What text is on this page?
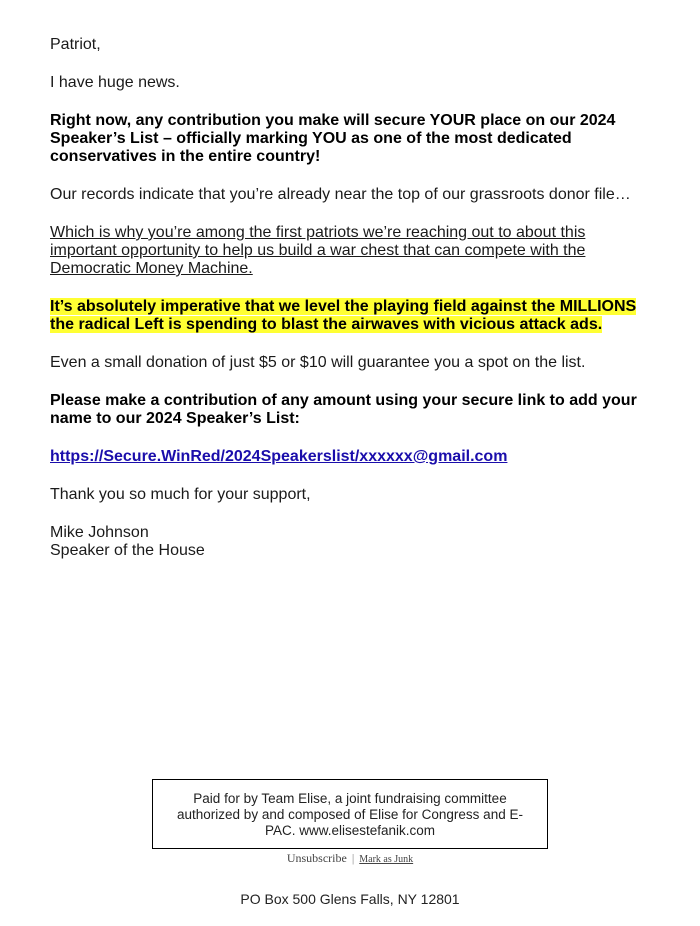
Patriot,

I have huge news.

Right now, any contribution you make will secure YOUR place on our 2024 Speaker’s List – officially marking YOU as one of the most dedicated conservatives in the entire country!

Our records indicate that you’re already near the top of our grassroots donor file…

Which is why you’re among the first patriots we’re reaching out to about this important opportunity to help us build a war chest that can compete with the Democratic Money Machine.

It’s absolutely imperative that we level the playing field against the MILLIONS the radical Left is spending to blast the airwaves with vicious attack ads.

Even a small donation of just $5 or $10 will guarantee you a spot on the list.

Please make a contribution of any amount using your secure link to add your name to our 2024 Speaker’s List:

https://Secure.WinRed/2024Speakerslist/xxxxxx@gmail.com

Thank you so much for your support,

Mike Johnson
Speaker of the House

Paid for by Team Elise, a joint fundraising committee authorized by and composed of Elise for Congress and E-PAC. www.elisestefanik.com
Unsubscribe | Mark as Junk
PO Box 500 Glens Falls, NY 12801
